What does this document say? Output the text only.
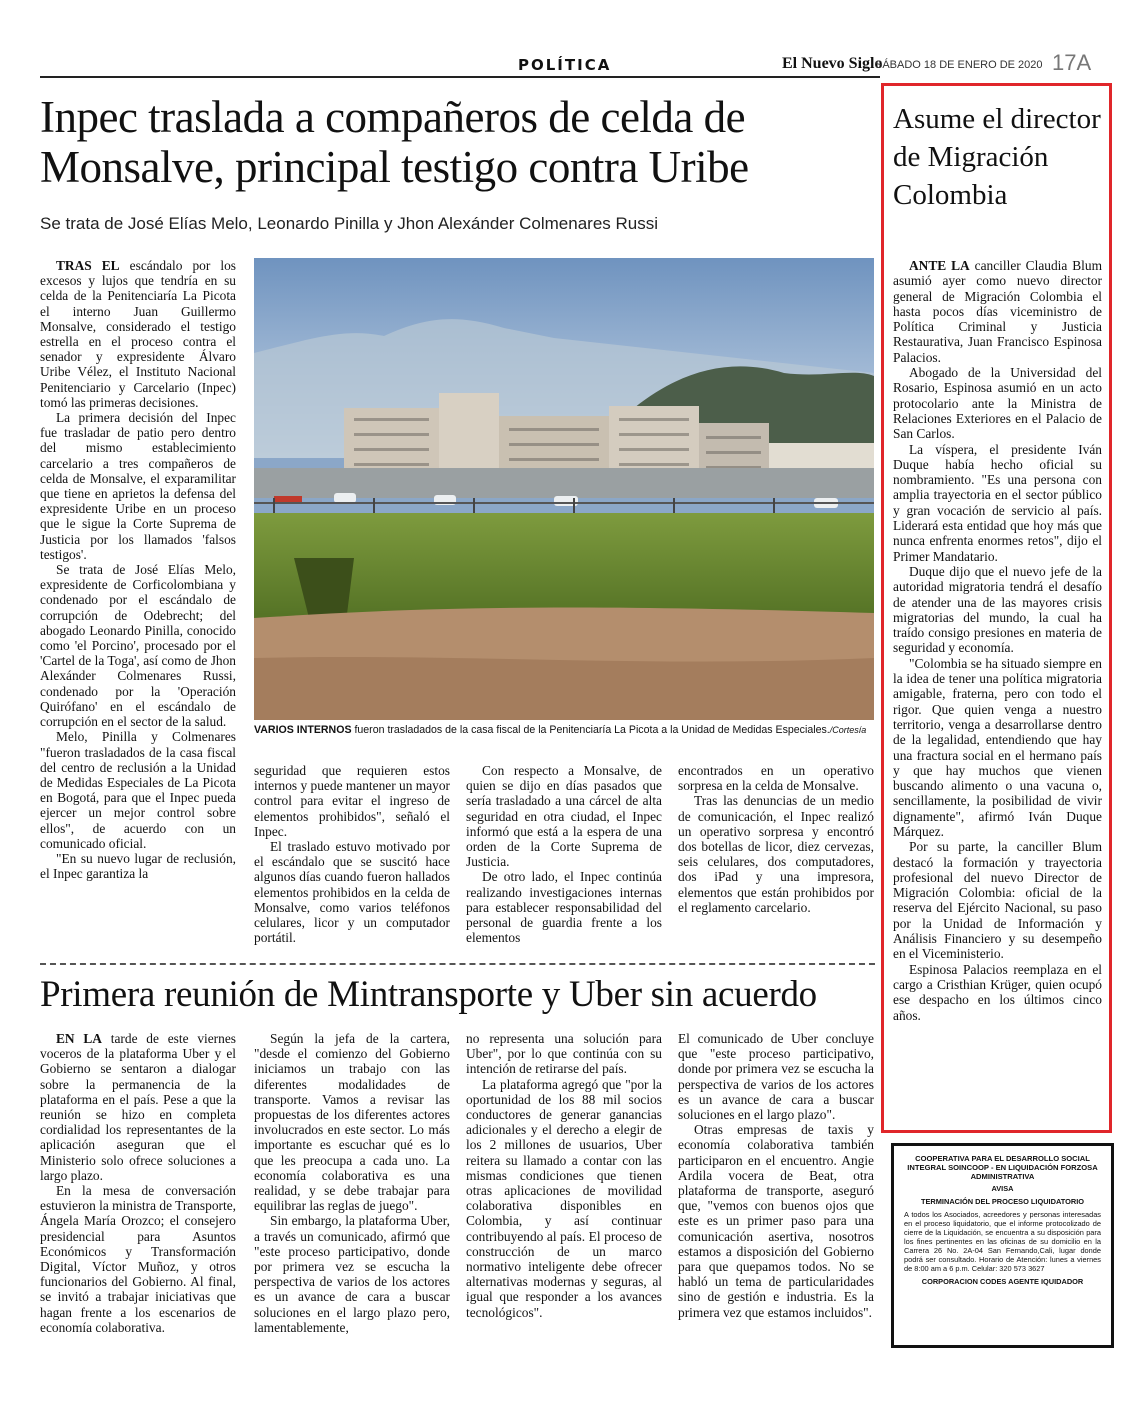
POLÍTICA	El Nuevo Siglo
SÁBADO 18 DE ENERO DE 2020 17A
Inpec traslada a compañeros de celda de Monsalve, principal testigo contra Uribe
Se trata de José Elías Melo, Leonardo Pinilla y Jhon Alexánder Colmenares Russi

TRAS EL escándalo por los excesos y lujos que tendría en su celda de la Penitenciaría La Picota el interno Juan Guillermo Monsalve, considerado el testigo estrella en el proceso contra el senador y expresidente Álvaro Uribe Vélez, el Instituto Nacional Penitenciario y Carcelario (Inpec) tomó las primeras decisiones.

La primera decisión del Inpec fue trasladar de patio pero dentro del mismo establecimiento carcelario a tres compañeros de celda de Monsalve, el exparamilitar que tiene en aprietos la defensa del expresidente Uribe en un proceso que le sigue la Corte Suprema de Justicia por los llamados 'falsos testigos'.

Se trata de José Elías Melo, expresidente de Corficolombiana y condenado por el escándalo de corrupción de Odebrecht; del abogado Leonardo Pinilla, conocido como 'el Porcino', procesado por el 'Cartel de la Toga', así como de Jhon Alexánder Colmenares Russi, condenado por la 'Operación Quirófano' en el escándalo de corrupción en el sector de la salud.

Melo, Pinilla y Colmenares "fueron trasladados de la casa fiscal del centro de reclusión a la Unidad de Medidas Especiales de La Picota en Bogotá, para que el Inpec pueda ejercer un mejor control sobre ellos", de acuerdo con un comunicado oficial.

"En su nuevo lugar de reclusión, el Inpec garantiza la

VARIOS INTERNOS fueron trasladados de la casa fiscal de la Penitenciaría La Picota a la Unidad de Medidas Especiales./Cortesía

seguridad que requieren estos internos y puede mantener un mayor control para evitar el ingreso de elementos prohibidos", señaló el Inpec.

El traslado estuvo motivado por el escándalo que se suscitó hace algunos días cuando fueron hallados elementos prohibidos en la celda de Monsalve, como varios teléfonos celulares, licor y un computador portátil.

Con respecto a Monsalve, de quien se dijo en días pasados que sería trasladado a una cárcel de alta seguridad en otra ciudad, el Inpec informó que está a la espera de una orden de la Corte Suprema de Justicia.

De otro lado, el Inpec continúa realizando investigaciones internas para establecer responsabilidad del personal de guardia frente a los elementos

encontrados en un operativo sorpresa en la celda de Monsalve.

Tras las denuncias de un medio de comunicación, el Inpec realizó un operativo sorpresa y encontró dos botellas de licor, diez cervezas, seis celulares, dos computadores, dos iPad y una impresora, elementos que están prohibidos por el reglamento carcelario.

Primera reunión de Mintransporte y Uber sin acuerdo

EN LA tarde de este viernes voceros de la plataforma Uber y el Gobierno se sentaron a dialogar sobre la permanencia de la plataforma en el país. Pese a que la reunión se hizo en completa cordialidad los representantes de la aplicación aseguran que el Ministerio solo ofrece soluciones a largo plazo.

En la mesa de conversación estuvieron la ministra de Transporte, Ángela María Orozco; el consejero presidencial para Asuntos Económicos y Transformación Digital, Víctor Muñoz, y otros funcionarios del Gobierno. Al final, se invitó a trabajar iniciativas que hagan frente a los escenarios de economía colaborativa.

Según la jefa de la cartera, "desde el comienzo del Gobierno iniciamos un trabajo con las diferentes modalidades de transporte. Vamos a revisar las propuestas de los diferentes actores involucrados en este sector. Lo más importante es escuchar qué es lo que les preocupa a cada uno. La economía colaborativa es una realidad, y se debe trabajar para equilibrar las reglas de juego".

Sin embargo, la plataforma Uber, a través un comunicado, afirmó que "este proceso participativo, donde por primera vez se escucha la perspectiva de varios de los actores es un avance de cara a buscar soluciones en el largo plazo pero, lamentablemente,

no representa una solución para Uber", por lo que continúa con su intención de retirarse del país.

La plataforma agregó que "por la oportunidad de los 88 mil socios conductores de generar ganancias adicionales y el derecho a elegir de los 2 millones de usuarios, Uber reitera su llamado a contar con las mismas condiciones que tienen otras aplicaciones de movilidad colaborativa disponibles en Colombia, y así continuar contribuyendo al país. El proceso de construcción de un marco normativo inteligente debe ofrecer alternativas modernas y seguras, al igual que responder a los avances tecnológicos".

El comunicado de Uber concluye que "este proceso participativo, donde por primera vez se escucha la perspectiva de varios de los actores es un avance de cara a buscar soluciones en el largo plazo".

Otras empresas de taxis y economía colaborativa también participaron en el encuentro. Angie Ardila vocera de Beat, otra plataforma de transporte, aseguró que, "vemos con buenos ojos que este es un primer paso para una comunicación asertiva, nosotros estamos a disposición del Gobierno para que quepamos todos. No se habló un tema de particularidades sino de gestión e industria. Es la primera vez que estamos incluidos".

Asume el director de Migración Colombia

ANTE LA canciller Claudia Blum asumió ayer como nuevo director general de Migración Colombia el hasta pocos días viceministro de Política Criminal y Justicia Restaurativa, Juan Francisco Espinosa Palacios.

Abogado de la Universidad del Rosario, Espinosa asumió en un acto protocolario ante la Ministra de Relaciones Exteriores en el Palacio de San Carlos.

La víspera, el presidente Iván Duque había hecho oficial su nombramiento. "Es una persona con amplia trayectoria en el sector público y gran vocación de servicio al país. Liderará esta entidad que hoy más que nunca enfrenta enormes retos", dijo el Primer Mandatario.

Duque dijo que el nuevo jefe de la autoridad migratoria tendrá el desafío de atender una de las mayores crisis migratorias del mundo, la cual ha traído consigo presiones en materia de seguridad y economía.

"Colombia se ha situado siempre en la idea de tener una política migratoria amigable, fraterna, pero con todo el rigor. Que quien venga a nuestro territorio, venga a desarrollarse dentro de la legalidad, entendiendo que hay una fractura social en el hermano país y que hay muchos que vienen buscando alimento o una vacuna o, sencillamente, la posibilidad de vivir dignamente", afirmó Iván Duque Márquez.

Por su parte, la canciller Blum destacó la formación y trayectoria profesional del nuevo Director de Migración Colombia: oficial de la reserva del Ejército Nacional, su paso por la Unidad de Información y Análisis Financiero y su desempeño en el Viceministerio.

Espinosa Palacios reemplaza en el cargo a Cristhian Krüger, quien ocupó ese despacho en los últimos cinco años.

COOPERATIVA PARA EL DESARROLLO SOCIAL INTEGRAL SOINCOOP - EN LIQUIDACIÓN FORZOSA ADMINISTRATIVA
AVISA
TERMINACIÓN DEL PROCESO LIQUIDATORIO
A todos los Asociados, acreedores y personas interesadas en el proceso liquidatorio, que el informe protocolizado de cierre de la Liquidación, se encuentra a su disposición para los fines pertinentes en las oficinas de su domicilio en la Carrera 26 No. 2A-04 San Fernando,Cali, lugar donde podrá ser consultado. Horario de Atención: lunes a viernes de 8:00 am a 6 p.m. Celular: 320 573 3627
CORPORACION CODES AGENTE IQUIDADOR
